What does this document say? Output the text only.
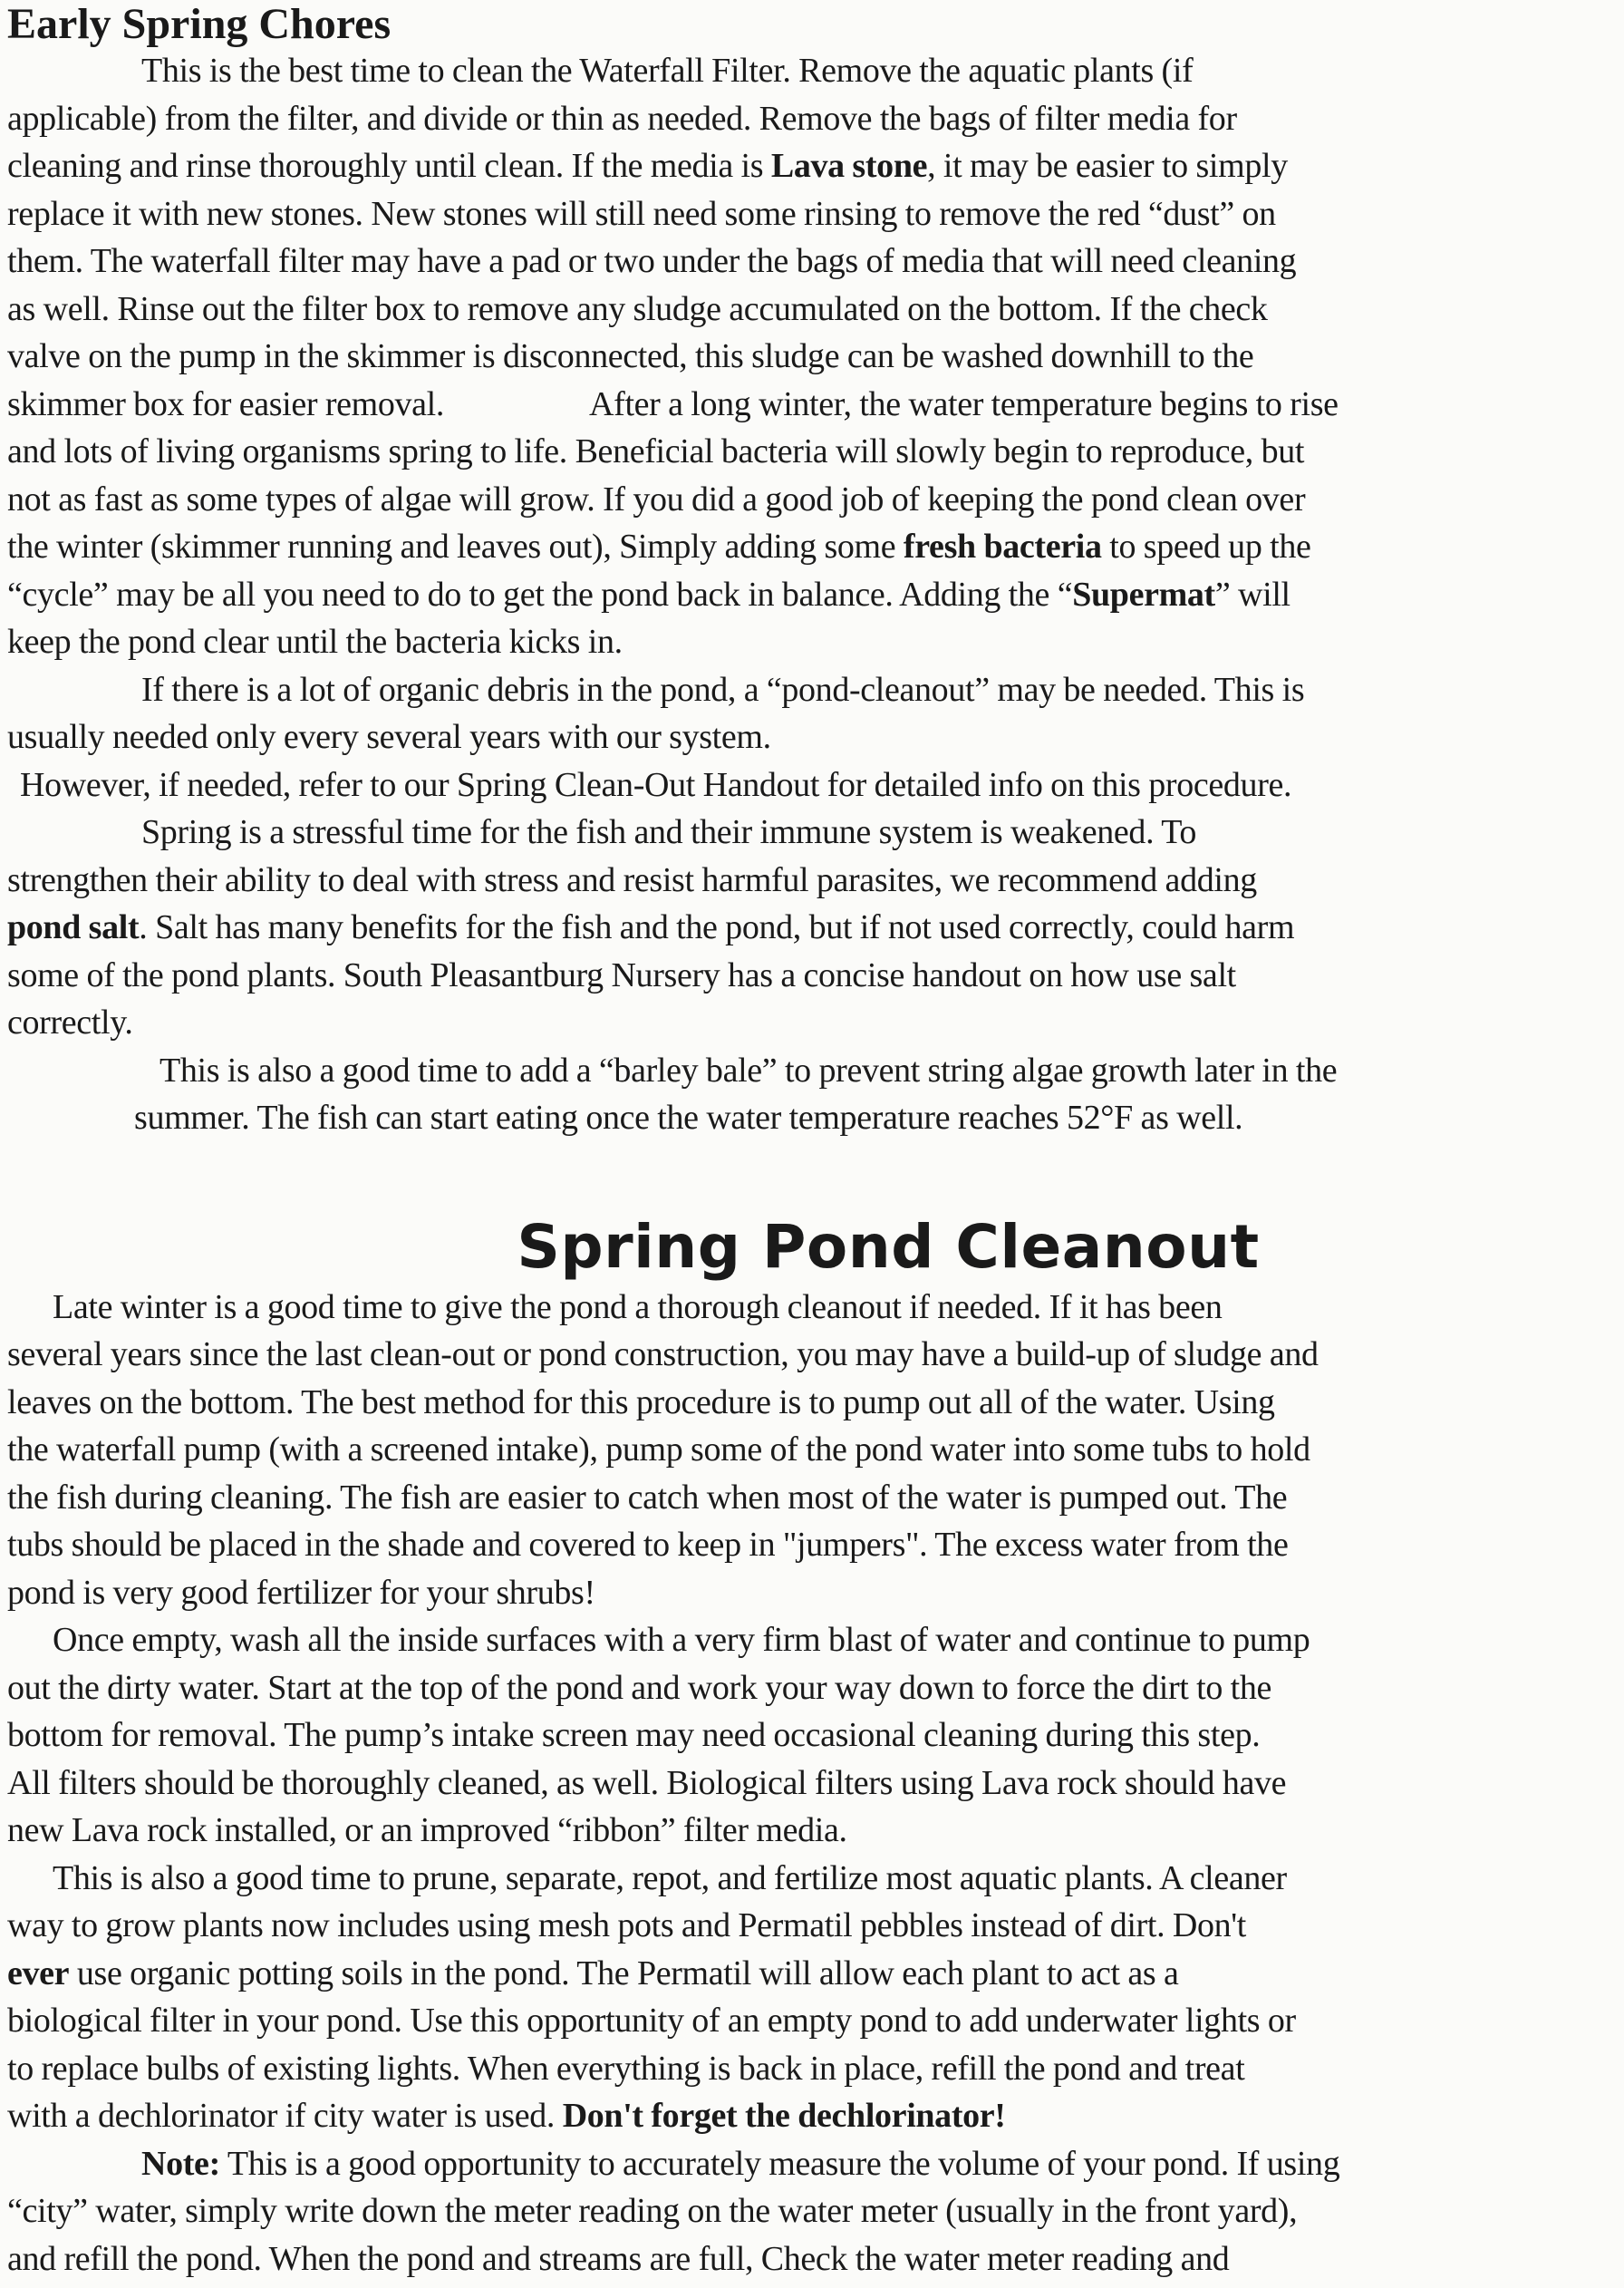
Early Spring Chores
This is the best time to clean the Waterfall Filter. Remove the aquatic plants (if
applicable) from the filter, and divide or thin as needed. Remove the bags of filter media for
cleaning and rinse thoroughly until clean. If the media is Lava stone, it may be easier to simply
replace it with new stones. New stones will still need some rinsing to remove the red “dust” on
them. The waterfall filter may have a pad or two under the bags of media that will need cleaning
as well. Rinse out the filter box to remove any sludge accumulated on the bottom. If the check
valve on the pump in the skimmer is disconnected, this sludge can be washed downhill to the
skimmer box for easier removal.	After a long winter, the water temperature begins to rise
and lots of living organisms spring to life. Beneficial bacteria will slowly begin to reproduce, but
not as fast as some types of algae will grow. If you did a good job of keeping the pond clean over
the winter (skimmer running and leaves out), Simply adding some fresh bacteria to speed up the
“cycle” may be all you need to do to get the pond back in balance. Adding the “Supermat” will
keep the pond clear until the bacteria kicks in.
If there is a lot of organic debris in the pond, a “pond-cleanout” may be needed. This is
usually needed only every several years with our system.
However, if needed, refer to our Spring Clean-Out Handout for detailed info on this procedure.
Spring is a stressful time for the fish and their immune system is weakened. To
strengthen their ability to deal with stress and resist harmful parasites, we recommend adding
pond salt. Salt has many benefits for the fish and the pond, but if not used correctly, could harm
some of the pond plants. South Pleasantburg Nursery has a concise handout on how use salt
correctly.
This is also a good time to add a “barley bale” to prevent string algae growth later in the
summer. The fish can start eating once the water temperature reaches 52°F as well.
Spring Pond Cleanout
Late winter is a good time to give the pond a thorough cleanout if needed. If it has been
several years since the last clean-out or pond construction, you may have a build-up of sludge and
leaves on the bottom. The best method for this procedure is to pump out all of the water. Using
the waterfall pump (with a screened intake), pump some of the pond water into some tubs to hold
the fish during cleaning. The fish are easier to catch when most of the water is pumped out. The
tubs should be placed in the shade and covered to keep in "jumpers". The excess water from the
pond is very good fertilizer for your shrubs!
Once empty, wash all the inside surfaces with a very firm blast of water and continue to pump
out the dirty water. Start at the top of the pond and work your way down to force the dirt to the
bottom for removal. The pump’s intake screen may need occasional cleaning during this step.
All filters should be thoroughly cleaned, as well. Biological filters using Lava rock should have
new Lava rock installed, or an improved “ribbon” filter media.
This is also a good time to prune, separate, repot, and fertilize most aquatic plants. A cleaner
way to grow plants now includes using mesh pots and Permatil pebbles instead of dirt. Don't
ever use organic potting soils in the pond. The Permatil will allow each plant to act as a
biological filter in your pond. Use this opportunity of an empty pond to add underwater lights or
to replace bulbs of existing lights. When everything is back in place, refill the pond and treat
with a dechlorinator if city water is used. Don't forget the dechlorinator!
Note: This is a good opportunity to accurately measure the volume of your pond. If using
“city” water, simply write down the meter reading on the water meter (usually in the front yard),
and refill the pond. When the pond and streams are full, Check the water meter reading and
